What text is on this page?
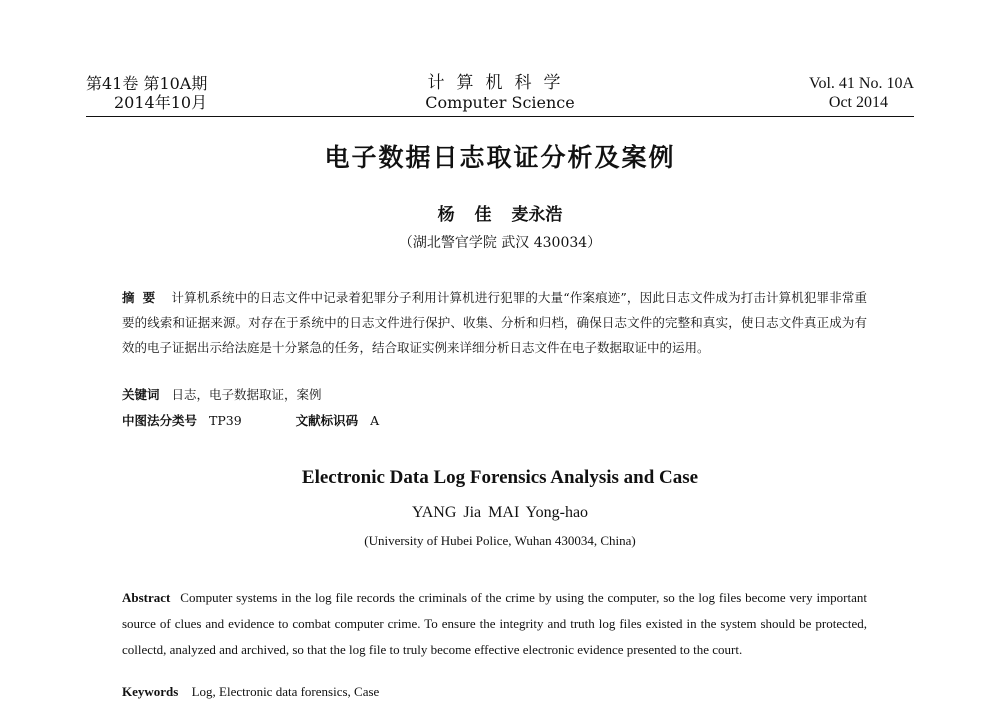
第41卷 第10A期
2014年10月
计算机科学
Computer Science
Vol. 41 No. 10A
Oct 2014
电子数据日志取证分析及案例
杨 佳 麦永浩
（湖北警官学院 武汉 430034）
摘要 计算机系统中的日志文件中记录着犯罪分子利用计算机进行犯罪的大量“作案痕迹”，因此日志文件成为打击计算机犯罪非常重要的线索和证据来源。对存在于系统中的日志文件进行保护、收集、分析和归档，确保日志文件的完整和真实，使日志文件真正成为有效的电子证据出示给法庭是十分紧急的任务，结合取证实例来详细分析日志文件在电子数据取证中的运用。
关键词 日志，电子数据取证，案例
中图法分类号 TP39	文献标识码 A
Electronic Data Log Forensics Analysis and Case
YANG Jia MAI Yong-hao
(University of Hubei Police, Wuhan 430034, China)
Abstract Computer systems in the log file records the criminals of the crime by using the computer, so the log files become very important source of clues and evidence to combat computer crime. To ensure the integrity and truth log files existed in the system should be protected, collectd, analyzed and archived, so that the log file to truly become effective electronic evidence presented to the court.
Keywords Log, Electronic data forensics, Case
